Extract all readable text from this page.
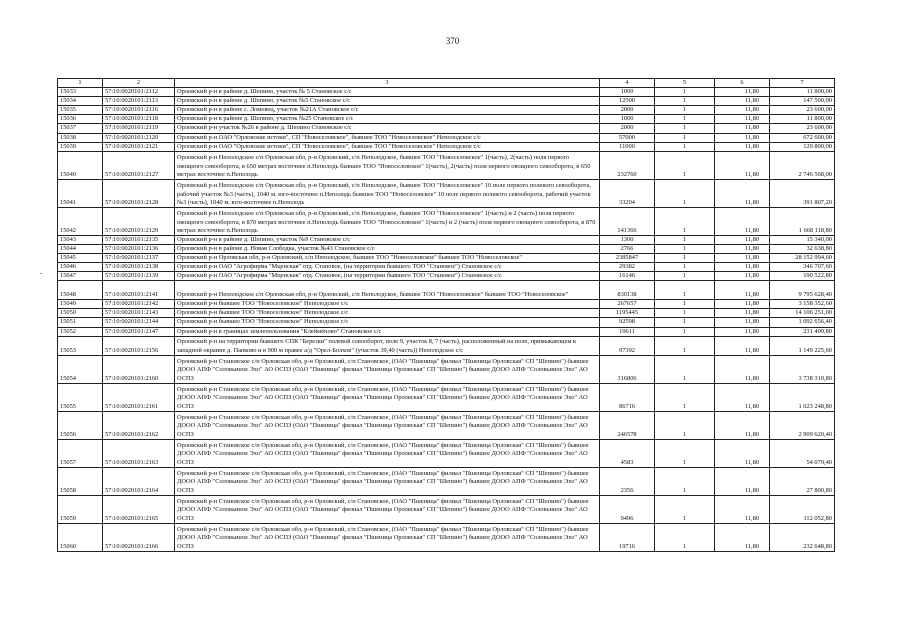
370
-
1	2	3	4	5	6	7
15033	57:10:0020101:2112	Орловский р-н в районе д. Шепино, участок № 5 Становское с/с	1000	1	11,80	11 800,00
15034	57:10:0020101:2113	Орловский р-н в районе д. Шепино, участок №5 Становское с/с	12500	1	11,80	147 500,00
15035	57:10:0020101:2116	Орловский р-н в районе с. Ломовец, участок №21А Становское с/с	2000	1	11,80	23 600,00
15036	57:10:0020101:2118	Орловский р-н в районе д. Шепино, участок №25 Становское с/с	1000	1	11,80	11 800,00
15037	57:10:0020101:2119	Орловский р-н участок №26 в районе д. Шепино Становское с/с	2000	1	11,80	23 600,00
15038	57:10:0020101:2120	Орловский р-н ОАО "Орловские истоки", СП "Новоселовское", бывшее ТОО "Новоселовское" Неполодское с/с	57000	1	11,80	672 600,00
15039	57:10:0020101:2121	Орловский р-н ОАО "Орловские истоки", СП "Новоселовское", бывшее ТОО "Новоселовское" Неполодское с/с	11000	1	11,80	129 800,00
15040	57:10:0020101:2127	Орловский р-н Неполодское с/п Орловская обл, р-н Орловский, с/п Неполодское, бывшее ТОО "Новоселовское" 1(часть), 2(часть) поля первого овощного севооборота, в 650 метрах восточнее п.Неполодь бывшее ТОО "Новоселовское" 1(часть), 2(часть) поля первого овощного севооборота, в 650 метрах восточнее п.Неполодь	232760	1	11,80	2 746 568,00
15041	57:10:0020101:2128	Орловский р-н Неполодское с/п Орловская обл, р-н Орловский, с/п Неполодское, бывшее ТОО "Новоселовское" 10 поле первого полевого севооборота, рабочий участок №3 (часть), 1040 м. юго-восточнее п.Неполодь бывшее ТОО "Новоселовское" 10 поле первого полевого севооборота, рабочий участок №3 (часть), 1040 м. юго-восточнее п.Неполодь	33204	1	11,80	391 807,20
15042	57:10:0020101:2129	Орловский р-н Неполодское с/п Орловская обл, р-н Орловский, с/п Неполодское, бывшее ТОО "Новоселовское" 1(часть) и 2 (часть) поля первого овощного севооборота, в 870 метрах восточнее п.Неполодь бывшее ТОО "Новоселовское" 1(часть) и 2 (часть) поля первого овощного севооборота, в 870 метрах восточнее п.Неполодь	141366	1	11,80	1 668 118,80
15043	57:10:0020101:2135	Орловский р-н в районе д. Шепино, участок №9 Становское с/с	1300	1	11,80	15 340,00
15044	57:10:0020101:2136	Орловский р-н в районе д. Новая Слободка, участок №43 Становское с/с	2766	1	11,80	32 638,80
15045	57:10:0020101:2137	Орловский р-н Орловская обл, р-н Орловский, с/п Неполодское, бывшее ТОО "Новоселовское" бывшее ТОО "Новоселовское"	2385847	1	11,80	28 152 994,60
15046	57:10:0020101:2138	Орловский р-н ОАО "Агрофирма "Мценская" отд. Становое, (на территории бывшего ТОО "Становое") Становское с/с	29382	1	11,80	346 707,60
15047	57:10:0020101:2139	Орловский р-н ОАО "Агрофирма "Мценская" отд. Становое, (на территории бывшего ТОО "Становое") Становское с/с	16146	1	11,80	190 522,80
15048	57:10:0020101:2141	Орловский р-н Неполодское с/п Орловская обл, р-н Орловский, с/п Неполодское, бывшее ТОО "Новоселовское" бывшее ТОО "Новоселовское"	830138	1	11,80	9 795 628,40
15049	57:10:0020101:2142	Орловский р-н бывшее ТОО "Новоселовское" Неполодское с/с	267657	1	11,80	3 158 352,60
15050	57:10:0020101:2143	Орловский р-н бывшее ТОО "Новоселовское" Неполодское с/с	1195445	1	11,80	14 106 251,00
15051	57:10:0020101:2144	Орловский р-н бывшее ТОО "Новоселовское" Неполодское с/с	92598	1	11,80	1 092 656,40
15052	57:10:0020101:2147	Орловский р-н в границах землепользования "Клеймёново" Становское с/с	19611	1	11,80	231 409,80
15053	57:10:0020101:2156	Орловский р-н на территории бывшего СПК "Березки" полевой севооборот, поле 9, участок 8, 7 (часть), расположенный на поле, примыкающем к западной окраине д. Папково и в 900 м правее а/д "Орел-Болхов" (участок 39,40 (часть)) Неполодское с/с	97392	1	11,80	1 149 225,60
15054	57:10:0020101:2160	Орловский р-н Становское с/п Орловская обл, р-н Орловский, с/п Становское, (ОАО "Пшеница" филиал "Пшеница Орловская" СП "Шепино") бывшее ДООО АПФ "Соловьиное Эхо" АО ОСПЗ (ОАО "Пшеница" филиал "Пшеница Орловская" СП "Шепино") бывшее ДООО АПФ "Соловьиное Эхо" АО ОСПЗ	316806	1	11,80	3 738 310,80
15055	57:10:0020101:2161	Орловский р-н Становское с/п Орловская обл, р-н Орловский, с/п Становское, (ОАО "Пшеница" филиал "Пшеница Орловская" СП "Шепино") бывшее ДООО АПФ "Соловьиное Эхо" АО ОСПЗ (ОАО "Пшеница" филиал "Пшеница Орловская" СП "Шепино") бывшее ДООО АПФ "Соловьиное Эхо" АО ОСПЗ	86716	1	11,80	1 023 248,80
15056	57:10:0020101:2162	Орловский р-н Становское с/п Орловская обл, р-н Орловский, с/п Становское, (ОАО "Пшеница" филиал "Пшеница Орловская" СП "Шепино") бывшее ДООО АПФ "Соловьиное Эхо" АО ОСПЗ (ОАО "Пшеница" филиал "Пшеница Орловская" СП "Шепино") бывшее ДООО АПФ "Соловьиное Эхо" АО ОСПЗ	246578	1	11,80	2 909 620,40
15057	57:10:0020101:2163	Орловский р-н Становское с/п Орловская обл, р-н Орловский, с/п Становское, (ОАО "Пшеница" филиал "Пшеница Орловская" СП "Шепино") бывшее ДООО АПФ "Соловьиное Эхо" АО ОСПЗ (ОАО "Пшеница" филиал "Пшеница Орловская" СП "Шепино") бывшее ДООО АПФ "Соловьиное Эхо" АО ОСПЗ	4583	1	11,80	54 079,40
15058	57:10:0020101:2164	Орловский р-н Становское с/п Орловская обл, р-н Орловский, с/п Становское, (ОАО "Пшеница" филиал "Пшеница Орловская" СП "Шепино") бывшее ДООО АПФ "Соловьиное Эхо" АО ОСПЗ (ОАО "Пшеница" филиал "Пшеница Орловская" СП "Шепино") бывшее ДООО АПФ "Соловьиное Эхо" АО ОСПЗ	2356	1	11,80	27 800,80
15059	57:10:0020101:2165	Орловский р-н Становское с/п Орловская обл, р-н Орловский, с/п Становское, (ОАО "Пшеница" филиал "Пшеница Орловская" СП "Шепино") бывшее ДООО АПФ "Соловьиное Эхо" АО ОСПЗ (ОАО "Пшеница" филиал "Пшеница Орловская" СП "Шепино") бывшее ДООО АПФ "Соловьиное Эхо" АО ОСПЗ	9496	1	11,80	112 052,80
15060	57:10:0020101:2166	Орловский р-н Становское с/п Орловская обл, р-н Орловский, с/п Становское, (ОАО "Пшеница" филиал "Пшеница Орловская" СП "Шепино") бывшее ДООО АПФ "Соловьиное Эхо" АО ОСПЗ (ОАО "Пшеница" филиал "Пшеница Орловская" СП "Шепино") бывшее ДООО АПФ "Соловьиное Эхо" АО ОСПЗ	19716	1	11,80	232 648,80
